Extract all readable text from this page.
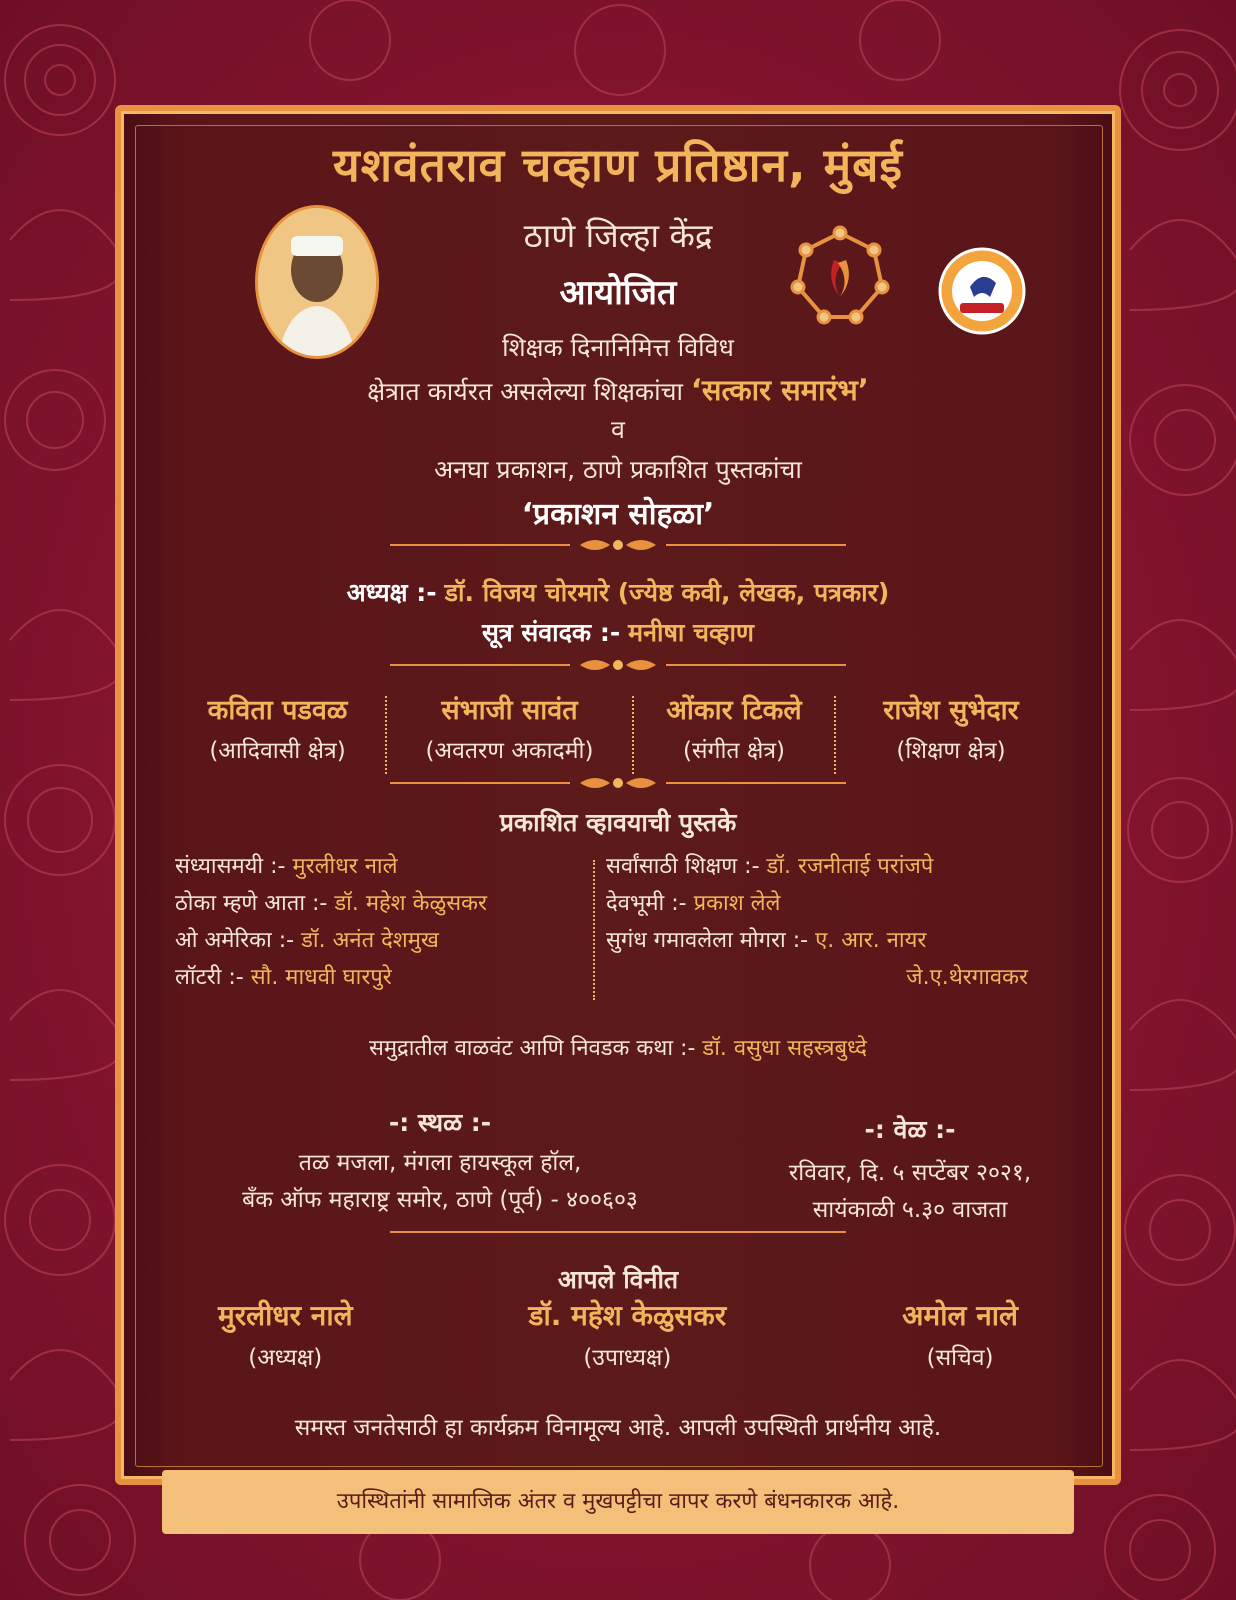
यशवंतराव चव्हाण प्रतिष्ठान, मुंबई
ठाणे जिल्हा केंद्र
आयोजित
शिक्षक दिनानिमित्त विविध
क्षेत्रात कार्यरत असलेल्या शिक्षकांचा ‘सत्कार समारंभ’
व
अनघा प्रकाशन, ठाणे प्रकाशित पुस्तकांचा
‘प्रकाशन सोहळा’
अध्यक्ष :- डॉ. विजय चोरमारे (ज्येष्ठ कवी, लेखक, पत्रकार)
सूत्र संवादक :- मनीषा चव्हाण
कविता पडवळ
(आदिवासी क्षेत्र)
संभाजी सावंत
(अवतरण अकादमी)
ओंकार टिकले
(संगीत क्षेत्र)
राजेश सुभेदार
(शिक्षण क्षेत्र)
प्रकाशित व्हावयाची पुस्तके
संध्यासमयी :- मुरलीधर नाले
ठोका म्हणे आता :- डॉ. महेश केळुसकर
ओ अमेरिका :- डॉ. अनंत देशमुख
लॉटरी :- सौ. माधवी घारपुरे
सर्वांसाठी शिक्षण :- डॉ. रजनीताई परांजपे
देवभूमी :- प्रकाश लेले
सुगंध गमावलेला मोगरा :- ए. आर. नायर
जे.ए.थेरगावकर
समुद्रातील वाळवंट आणि निवडक कथा :- डॉ. वसुधा सहस्त्रबुध्दे
-: स्थळ :-
तळ मजला, मंगला हायस्कूल हॉल,
बँक ऑफ महाराष्ट्र समोर, ठाणे (पूर्व) - ४००६०३
-: वेळ :-
रविवार, दि. ५ सप्टेंबर २०२१,
सायंकाळी ५.३० वाजता
आपले विनीत
मुरलीधर नाले
(अध्यक्ष)
डॉ. महेश केळुसकर
(उपाध्यक्ष)
अमोल नाले
(सचिव)
समस्त जनतेसाठी हा कार्यक्रम विनामूल्य आहे. आपली उपस्थिती प्रार्थनीय आहे.
उपस्थितांनी सामाजिक अंतर व मुखपट्टीचा वापर करणे बंधनकारक आहे.
